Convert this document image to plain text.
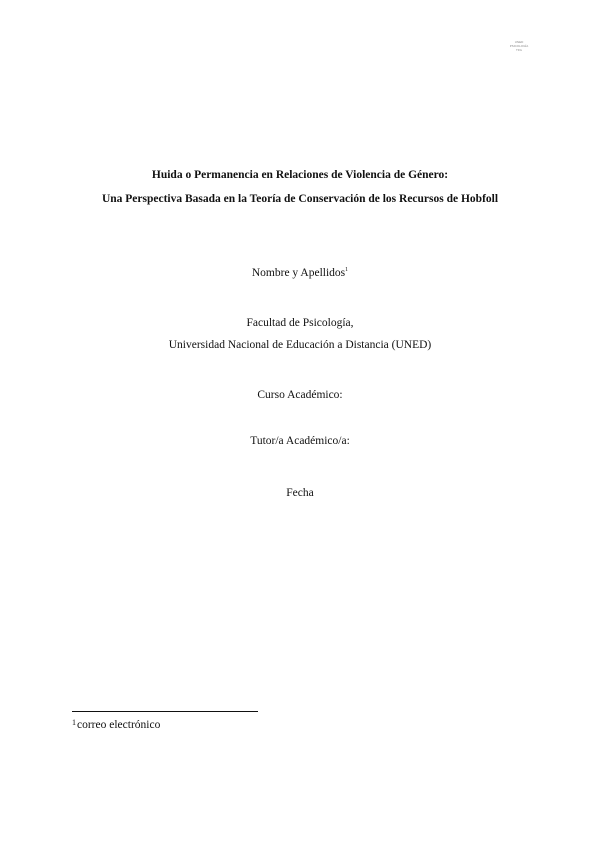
UNED
PSICOLOGÍA
TFG
Huida o Permanencia en Relaciones de Violencia de Género:
Una Perspectiva Basada en la Teoría de Conservación de los Recursos de Hobfoll
Nombre y Apellidos$^1$
Facultad de Psicología,
Universidad Nacional de Educación a Distancia (UNED)
Curso Académico:
Tutor/a Académico/a:
Fecha
$^1$correo electrónico
